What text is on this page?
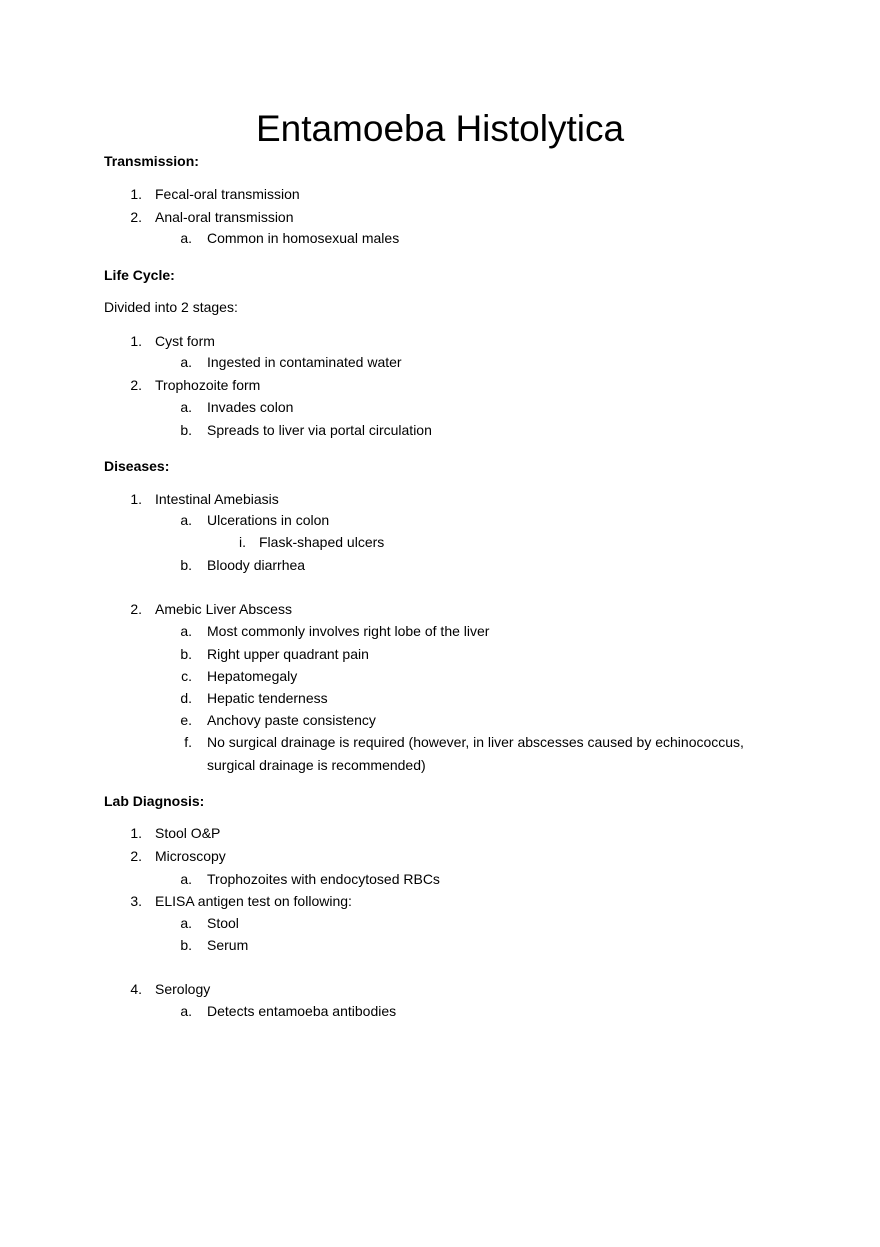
Entamoeba Histolytica
Transmission:
1. Fecal-oral transmission
2. Anal-oral transmission
a. Common in homosexual males
Life Cycle:
Divided into 2 stages:
1. Cyst form
a. Ingested in contaminated water
2. Trophozoite form
a. Invades colon
b. Spreads to liver via portal circulation
Diseases:
1. Intestinal Amebiasis
a. Ulcerations in colon
i. Flask-shaped ulcers
b. Bloody diarrhea
2. Amebic Liver Abscess
a. Most commonly involves right lobe of the liver
b. Right upper quadrant pain
c. Hepatomegaly
d. Hepatic tenderness
e. Anchovy paste consistency
f. No surgical drainage is required (however, in liver abscesses caused by echinococcus,
surgical drainage is recommended)
Lab Diagnosis:
1. Stool O&P
2. Microscopy
a. Trophozoites with endocytosed RBCs
3. ELISA antigen test on following:
a. Stool
b. Serum
4. Serology
a. Detects entamoeba antibodies
